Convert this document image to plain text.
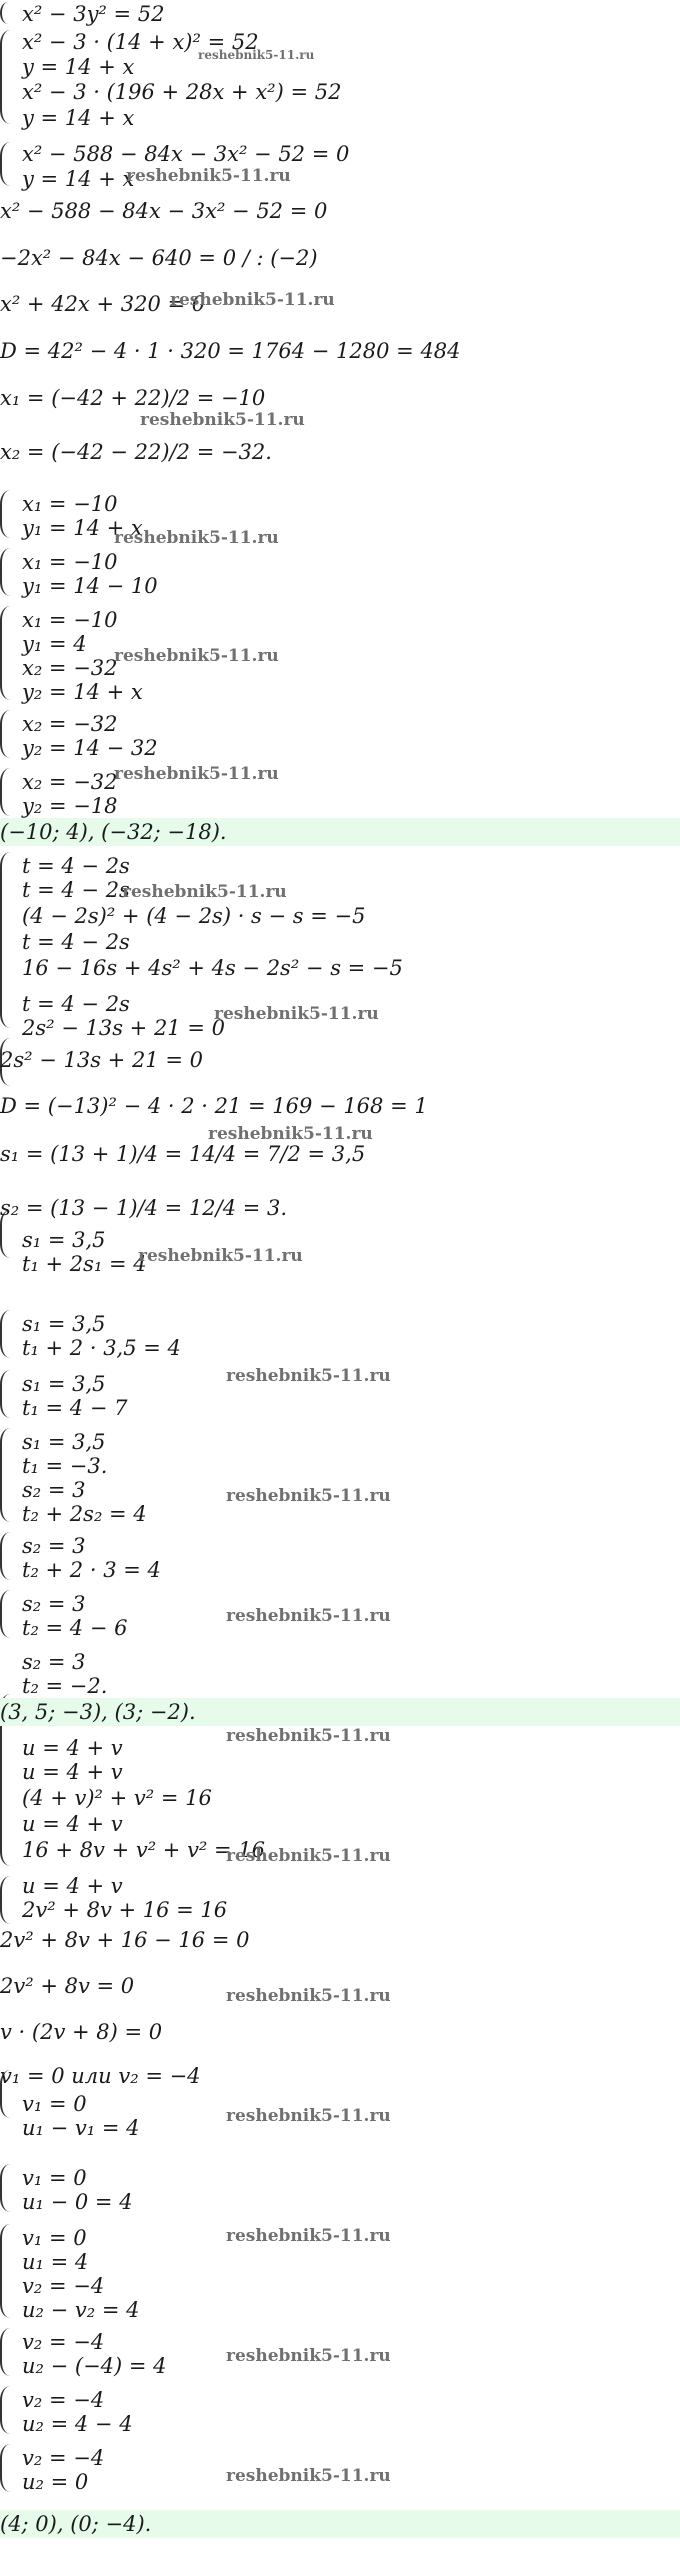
x² − 3y² = 52
x² − 3 · (14 + x)² = 52
y = 14 + x
x² − 3 · (196 + 28x + x²) = 52
y = 14 + x
x² − 588 − 84x − 3x² − 52 = 0
y = 14 + x
x² − 588 − 84x − 3x² − 52 = 0
−2x² − 84x − 640 = 0 / : (−2)
x² + 42x + 320 = 0
D = 42² − 4 · 1 · 320 = 1764 − 1280 = 484
x₁ = (−42 + 22)/2 = −10
x₂ = (−42 − 22)/2 = −32.
x₁ = −10
y₁ = 14 + x
x₁ = −10
y₁ = 14 − 10
x₁ = −10
y₁ = 4
x₂ = −32
y₂ = 14 + x
x₂ = −32
y₂ = 14 − 32
x₂ = −32
y₂ = −18
(−10; 4), (−32; −18).
t = 4 − 2s
t = 4 − 2s
(4 − 2s)² + (4 − 2s) · s − s = −5
t = 4 − 2s
16 − 16s + 4s² + 4s − 2s² − s = −5
t = 4 − 2s
2s² − 13s + 21 = 0
2s² − 13s + 21 = 0
D = (−13)² − 4 · 2 · 21 = 169 − 168 = 1
s₁ = (13 + 1)/4 = 14/4 = 7/2 = 3,5
s₂ = (13 − 1)/4 = 12/4 = 3.
s₁ = 3,5
t₁ + 2s₁ = 4
s₁ = 3,5
t₁ + 2 · 3,5 = 4
s₁ = 3,5
t₁ = 4 − 7
s₁ = 3,5
t₁ = −3.
s₂ = 3
t₂ + 2s₂ = 4
s₂ = 3
t₂ + 2 · 3 = 4
s₂ = 3
t₂ = 4 − 6
s₂ = 3
t₂ = −2.
(3, 5; −3), (3; −2).
u = 4 + v
u = 4 + v
(4 + v)² + v² = 16
u = 4 + v
16 + 8v + v² + v² = 16
u = 4 + v
2v² + 8v + 16 = 16
2v² + 8v + 16 − 16 = 0
2v² + 8v = 0
v · (2v + 8) = 0
v₁ = 0 или v₂ = −4
v₁ = 0
u₁ − v₁ = 4
v₁ = 0
u₁ − 0 = 4
v₁ = 0
u₁ = 4
v₂ = −4
u₂ − v₂ = 4
v₂ = −4
u₂ − (−4) = 4
v₂ = −4
u₂ = 4 − 4
v₂ = −4
u₂ = 0
(4; 0), (0; −4).
reshebnik5-11.ru
reshebnik5-11.ru
reshebnik5-11.ru
reshebnik5-11.ru
reshebnik5-11.ru
reshebnik5-11.ru
reshebnik5-11.ru
reshebnik5-11.ru
reshebnik5-11.ru
reshebnik5-11.ru
reshebnik5-11.ru
reshebnik5-11.ru
reshebnik5-11.ru
reshebnik5-11.ru
reshebnik5-11.ru
reshebnik5-11.ru
reshebnik5-11.ru
reshebnik5-11.ru
reshebnik5-11.ru
reshebnik5-11.ru
reshebnik5-11.ru
